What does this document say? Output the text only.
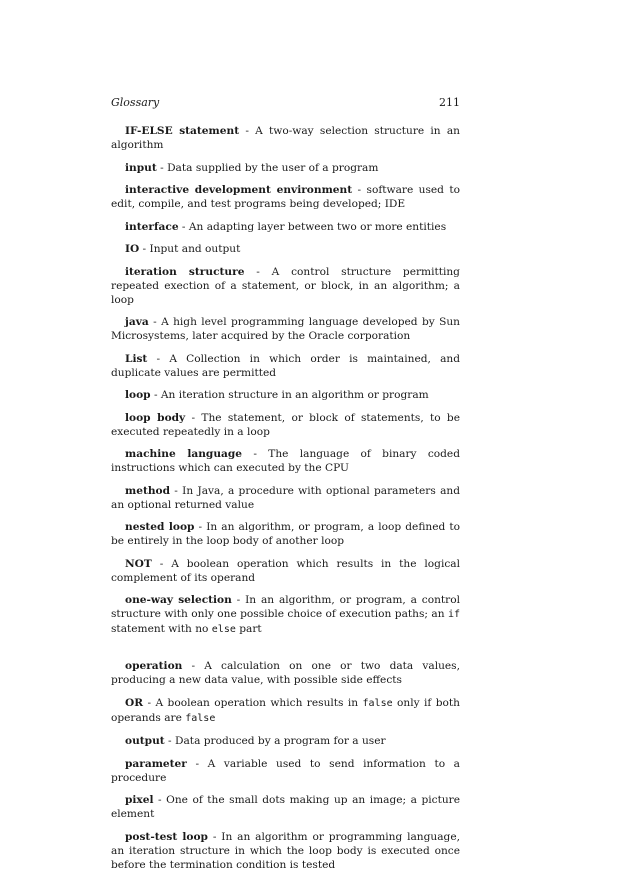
Glossary	211

IF-ELSE statement - A two-way selection structure in an algorithm

input - Data supplied by the user of a program

interactive development environment - software used to edit, compile, and test programs being developed; IDE

interface - An adapting layer between two or more entities

IO - Input and output

iteration structure - A control structure permitting repeated exection of a statement, or block, in an algorithm; a loop

java - A high level programming language developed by Sun Microsystems, later acquired by the Oracle corporation

List - A Collection in which order is maintained, and duplicate values are permitted

loop - An iteration structure in an algorithm or program

loop body - The statement, or block of statements, to be executed repeatedly in a loop

machine language - The language of binary coded instructions which can executed by the CPU

method - In Java, a procedure with optional parameters and an optional returned value

nested loop - In an algorithm, or program, a loop defined to be entirely in the loop body of another loop

NOT - A boolean operation which results in the logical complement of its operand

one-way selection - In an algorithm, or program, a control structure with only one possible choice of execution paths; an if statement with no else part

operation - A calculation on one or two data values, producing a new data value, with possible side effects

OR - A boolean operation which results in false only if both operands are false

output - Data produced by a program for a user

parameter - A variable used to send information to a procedure

pixel - One of the small dots making up an image; a picture element

post-test loop - In an algorithm or programming language, an iteration structure in which the loop body is executed once before the termination condition is tested
